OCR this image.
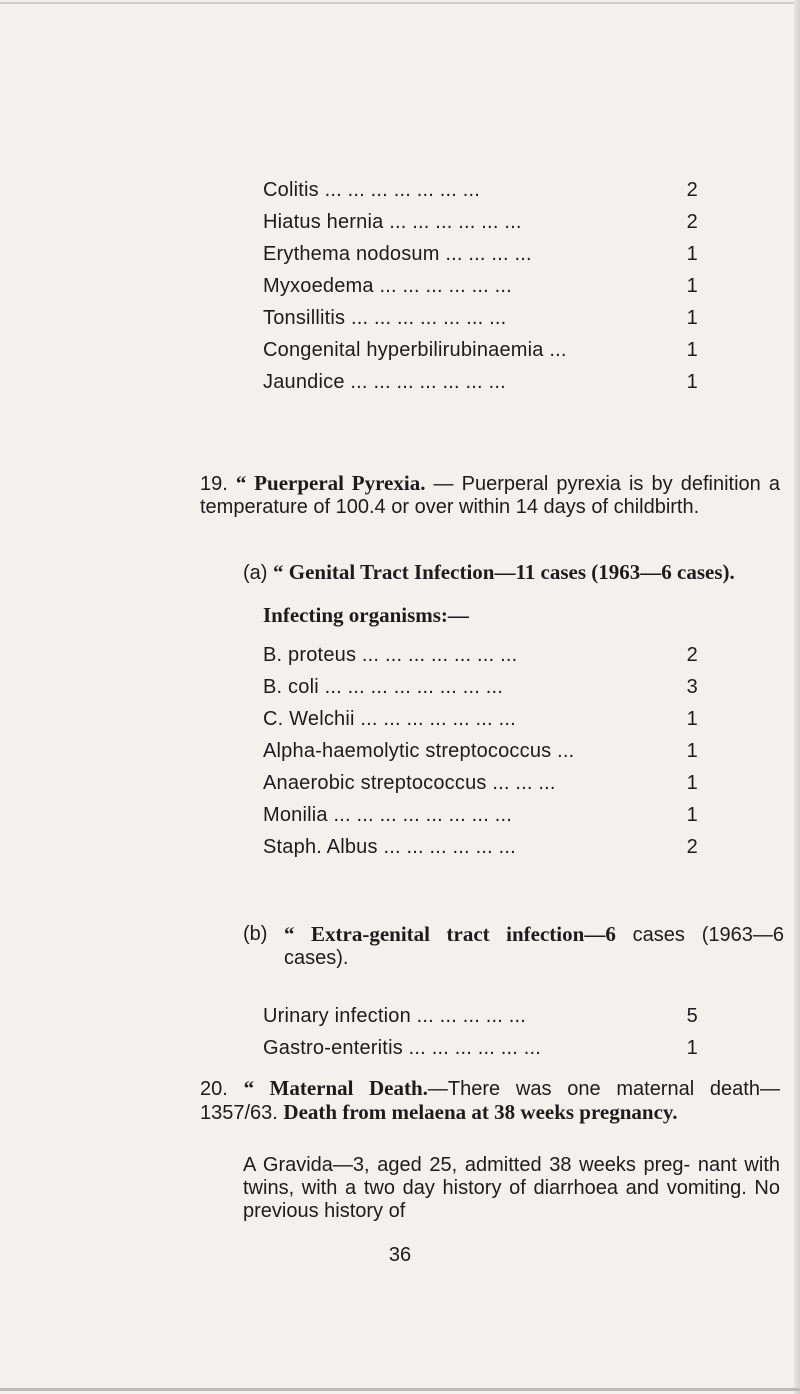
Colitis ... ... ... ... ... ... ...	2
Hiatus hernia ... ... ... ... ... ...	2
Erythema nodosum ... ... ... ...	1
Myxoedema ... ... ... ... ... ...	1
Tonsillitis ... ... ... ... ... ... ...	1
Congenital hyperbilirubinaemia ...	1
Jaundice ... ... ... ... ... ... ...	1

19. “ Puerperal Pyrexia. — Puerperal pyrexia is by definition a temperature of 100.4 or over within 14 days of childbirth.

(a) “ Genital Tract Infection—11 cases (1963—6 cases).

Infecting organisms:—

B. proteus ... ... ... ... ... ... ...	2
B. coli ... ... ... ... ... ... ... ...	3
C. Welchii ... ... ... ... ... ... ...	1
Alpha-haemolytic streptococcus ...	1
Anaerobic streptococcus ... ... ...	1
Monilia ... ... ... ... ... ... ... ...	1
Staph. Albus ... ... ... ... ... ...	2
(b) “ Extra-genital tract infection—6 cases (1963—6 cases).

Urinary infection ... ... ... ... ...	5
Gastro-enteritis ... ... ... ... ... ...	1

20. “ Maternal Death.—There was one maternal death— 1357/63. Death from melaena at 38 weeks pregnancy.

A Gravida—3, aged 25, admitted 38 weeks preg- nant with twins, with a two day history of diarrhoea and vomiting. No previous history of

36
